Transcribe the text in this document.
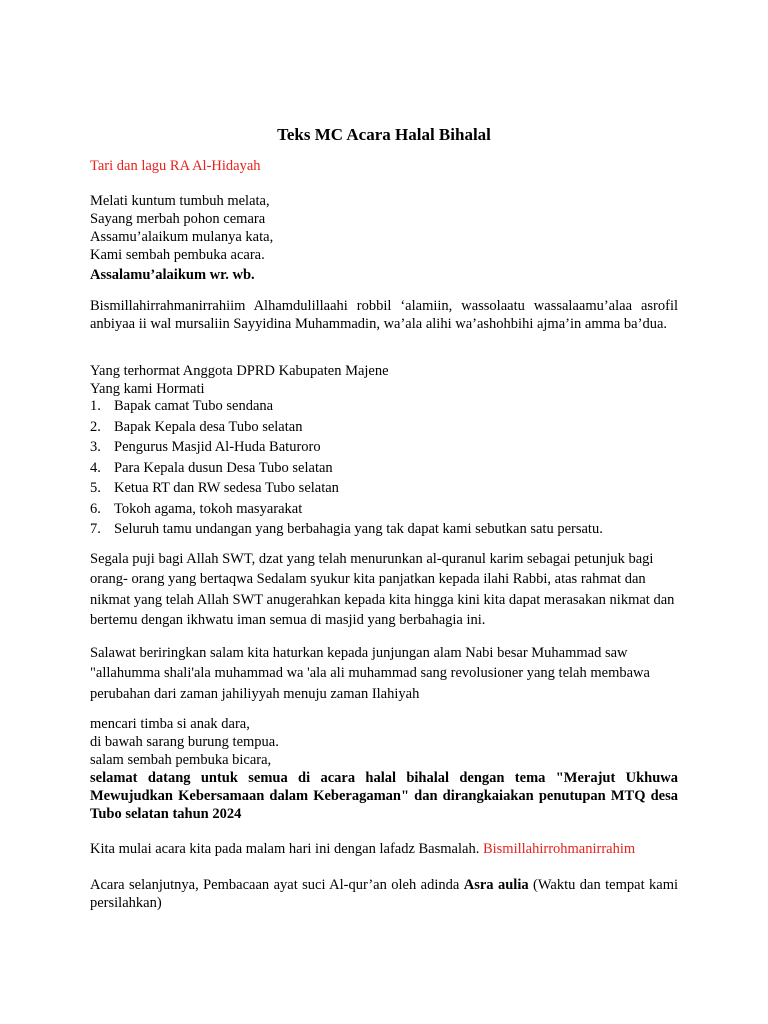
Teks MC Acara Halal Bihalal
Tari dan lagu RA Al-Hidayah
Melati kuntum tumbuh melata,
Sayang merbah pohon cemara
Assamu’alaikum mulanya kata,
Kami sembah pembuka acara.
Assalamu’alaikum wr. wb.
Bismillahirrahmanirrahiim Alhamdulillaahi robbil ‘alamiin, wassolaatu wassalaamu’alaa asrofil anbiyaa ii wal mursaliin Sayyidina Muhammadin, wa’ala alihi wa’ashohbihi ajma’in amma ba’dua.
Yang terhormat Anggota DPRD Kabupaten Majene
Yang kami Hormati
1. Bapak camat Tubo sendana
2. Bapak Kepala desa Tubo selatan
3. Pengurus Masjid Al-Huda Baturoro
4. Para Kepala dusun Desa Tubo selatan
5. Ketua RT dan RW sedesa Tubo selatan
6. Tokoh agama, tokoh masyarakat
7. Seluruh tamu undangan yang berbahagia yang tak dapat kami sebutkan satu persatu.
Segala puji bagi Allah SWT, dzat yang telah menurunkan al-quranul karim sebagai petunjuk bagi orang- orang yang bertaqwa Sedalam syukur kita panjatkan kepada ilahi Rabbi, atas rahmat dan nikmat yang telah Allah SWT anugerahkan kepada kita hingga kini kita dapat merasakan nikmat dan bertemu dengan ikhwatu iman semua di masjid yang berbahagia ini.
Salawat beriringkan salam kita haturkan kepada junjungan alam Nabi besar Muhammad saw "allahumma shali'ala muhammad wa 'ala ali muhammad sang revolusioner yang telah membawa perubahan dari zaman jahiliyyah menuju zaman Ilahiyah
mencari timba si anak dara,
di bawah sarang burung tempua.
salam sembah pembuka bicara,
selamat datang untuk semua di acara halal bihalal dengan tema "Merajut Ukhuwa Mewujudkan Kebersamaan dalam Keberagaman" dan dirangkaiakan penutupan MTQ desa Tubo selatan tahun 2024
Kita mulai acara kita pada malam hari ini dengan lafadz Basmalah. Bismillahirrohmanirrahim
Acara selanjutnya, Pembacaan ayat suci Al-qur’an oleh adinda Asra aulia (Waktu dan tempat kami persilahkan)
